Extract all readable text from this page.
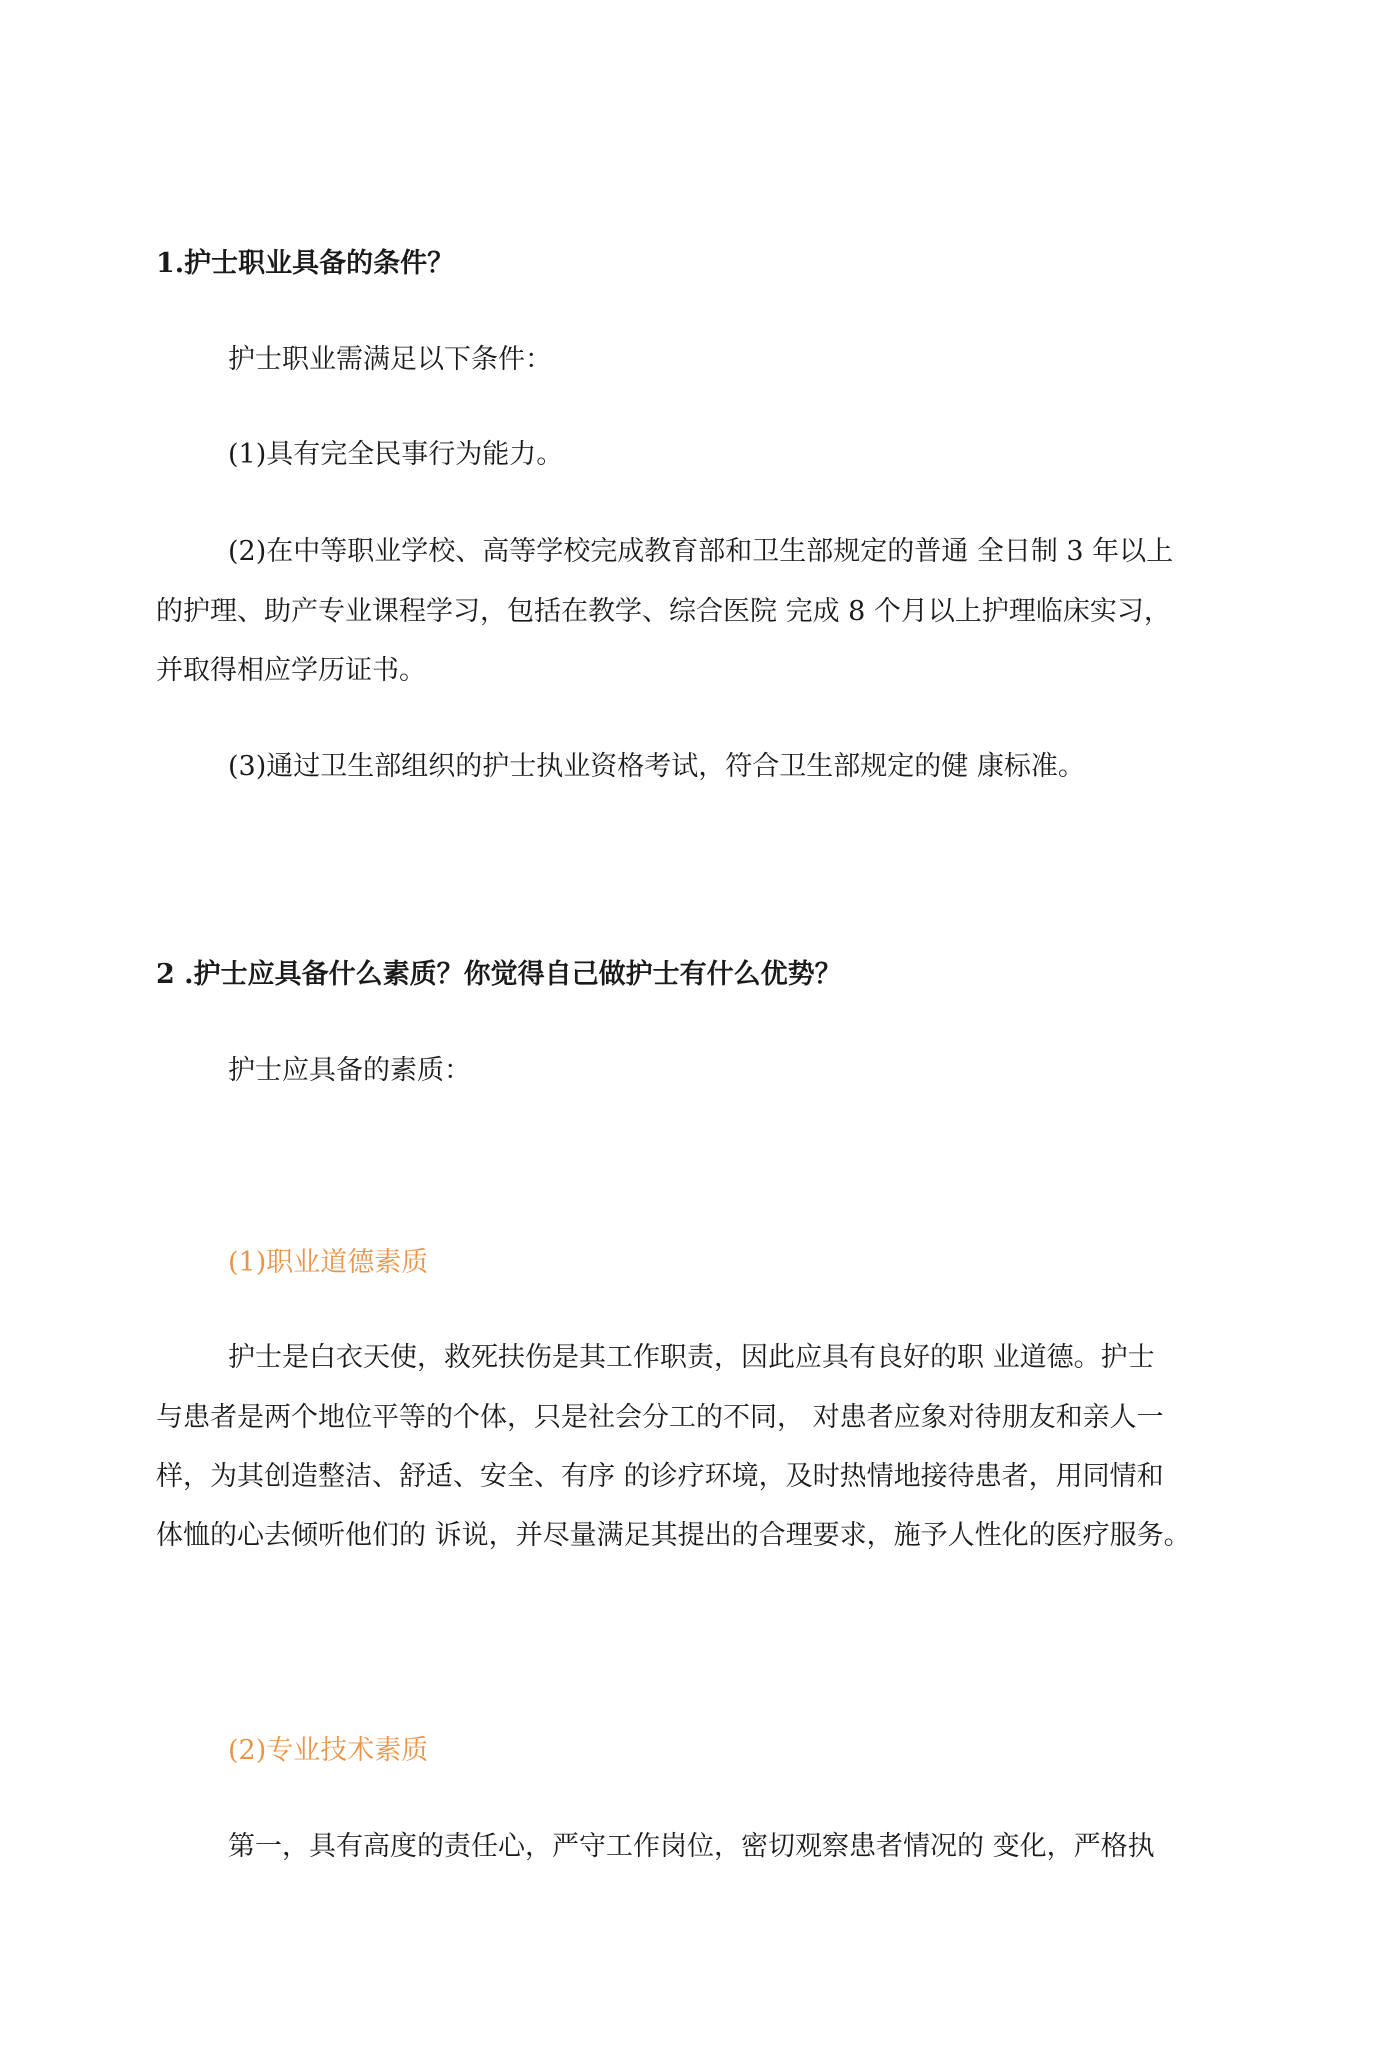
1.护士职业具备的条件？
护士职业需满足以下条件：
(1)具有完全民事行为能力。
(2)在中等职业学校、高等学校完成教育部和卫生部规定的普通 全日制 3 年以上
的护理、助产专业课程学习，包括在教学、综合医院 完成 8 个月以上护理临床实习，
并取得相应学历证书。
(3)通过卫生部组织的护士执业资格考试，符合卫生部规定的健 康标准。
2 .护士应具备什么素质？你觉得自己做护士有什么优势？
护士应具备的素质：
(1)职业道德素质
护士是白衣天使，救死扶伤是其工作职责，因此应具有良好的职 业道德。护士
与患者是两个地位平等的个体，只是社会分工的不同， 对患者应象对待朋友和亲人一
样，为其创造整洁、舒适、安全、有序 的诊疗环境，及时热情地接待患者，用同情和
体恤的心去倾听他们的 诉说，并尽量满足其提出的合理要求，施予人性化的医疗服务。
(2)专业技术素质
第一，具有高度的责任心，严守工作岗位，密切观察患者情况的 变化，严格执
